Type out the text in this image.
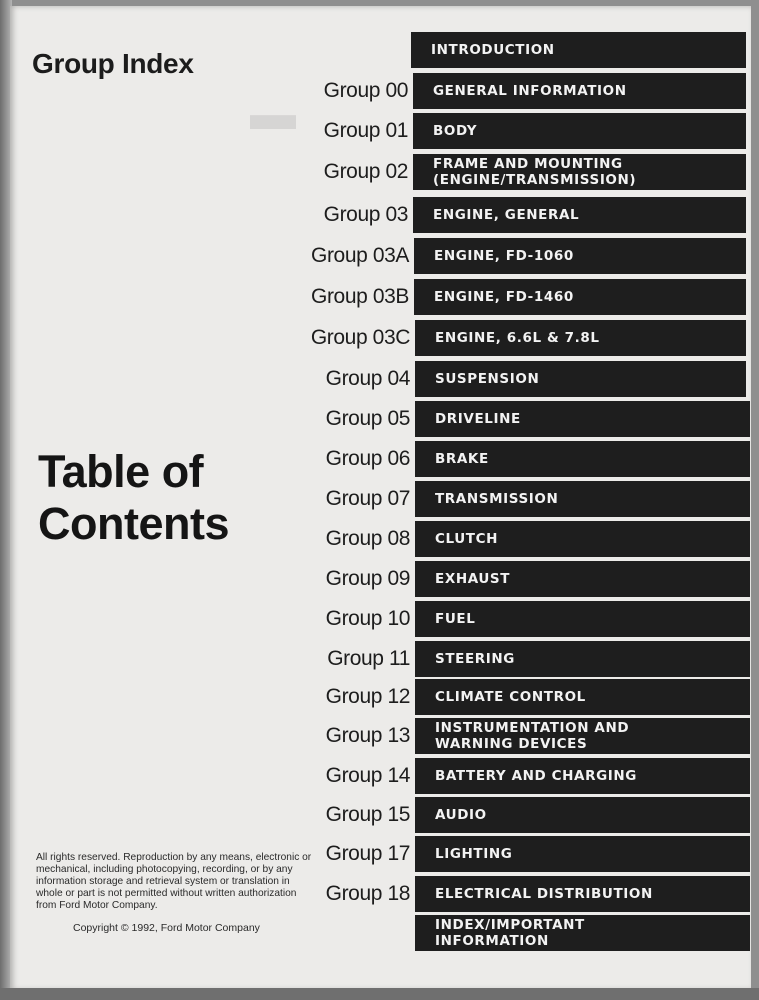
▬
Group Index
Table of Contents
All rights reserved. Reproduction by any means, electronic or mechanical, including photocopying, recording, or by any information storage and retrieval system or translation in whole or part is not permitted without written authorization from Ford Motor Company.
Copyright © 1992, Ford Motor Company
INTRODUCTION
GENERAL INFORMATION
Group 00
BODY
Group 01
FRAME AND MOUNTING
(ENGINE/TRANSMISSION)
Group 02
ENGINE, GENERAL
Group 03
ENGINE, FD-1060
Group 03A
ENGINE, FD-1460
Group 03B
ENGINE, 6.6L & 7.8L
Group 03C
SUSPENSION
Group 04
DRIVELINE
Group 05
BRAKE
Group 06
TRANSMISSION
Group 07
CLUTCH
Group 08
EXHAUST
Group 09
FUEL
Group 10
STEERING
Group 11
CLIMATE CONTROL
Group 12
INSTRUMENTATION AND
WARNING DEVICES
Group 13
BATTERY AND CHARGING
Group 14
AUDIO
Group 15
LIGHTING
Group 17
ELECTRICAL DISTRIBUTION
Group 18
INDEX/IMPORTANT
INFORMATION
